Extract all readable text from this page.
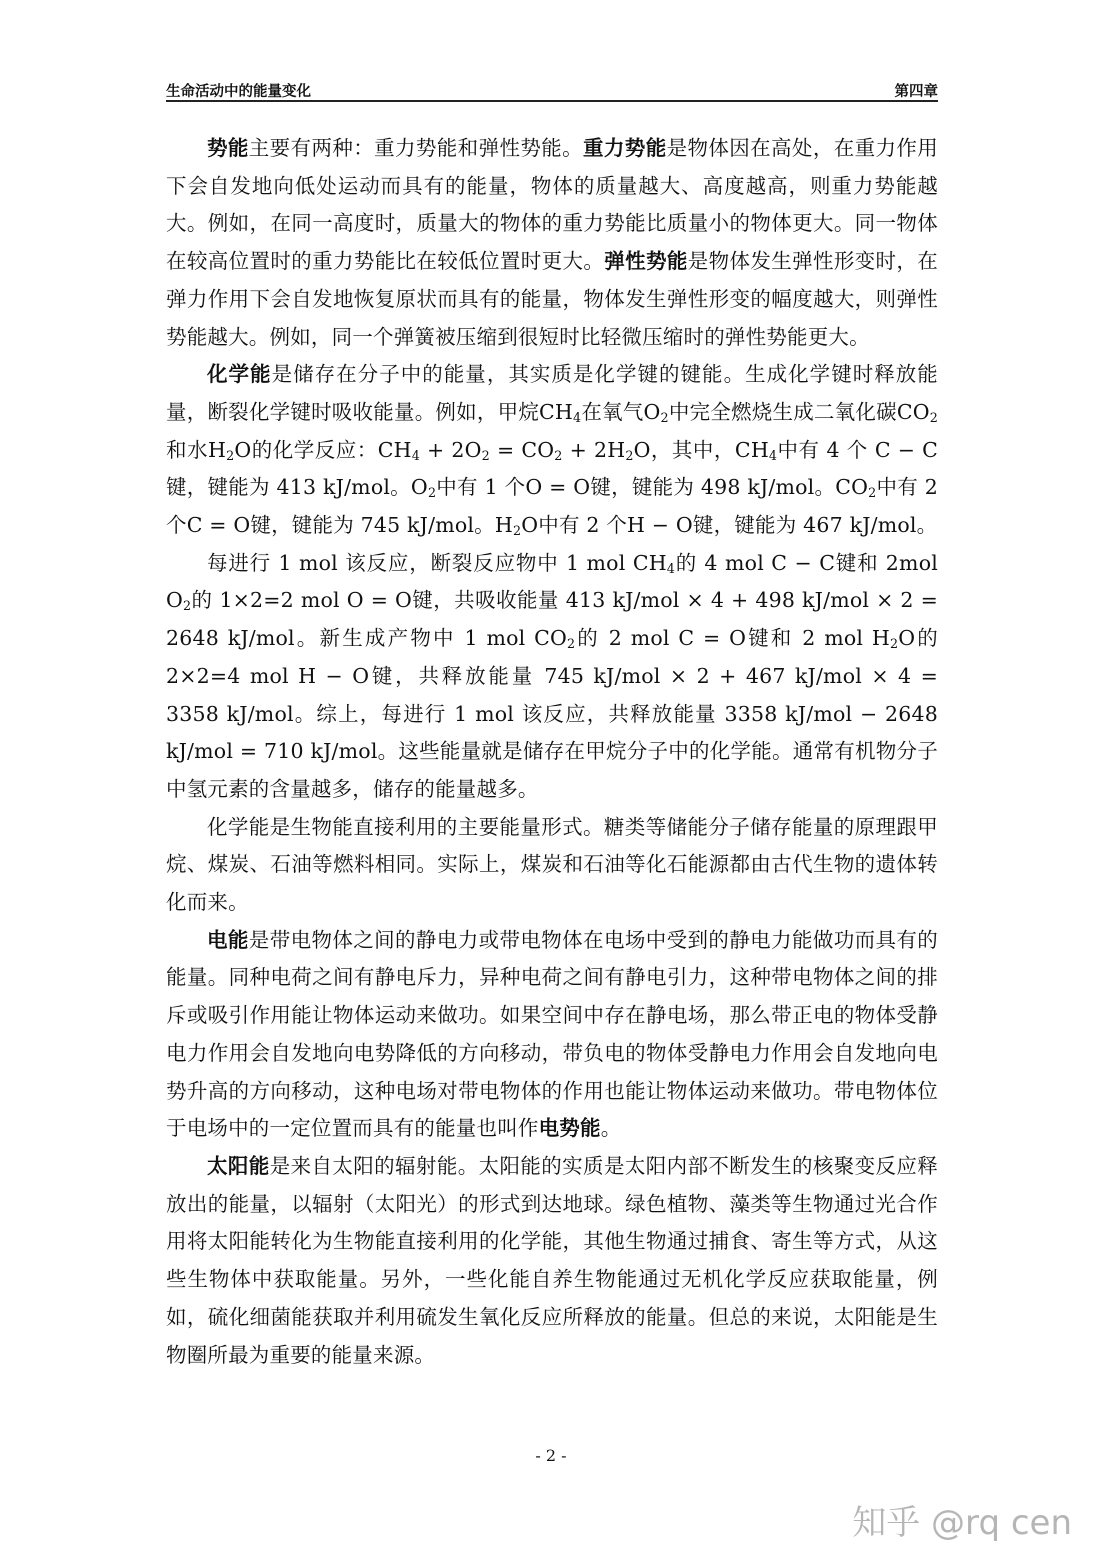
生命活动中的能量变化	第四章

势能主要有两种：重力势能和弹性势能。重力势能是物体因在高处，在重力作用下会自发地向低处运动而具有的能量，物体的质量越大、高度越高，则重力势能越大。例如，在同一高度时，质量大的物体的重力势能比质量小的物体更大。同一物体在较高位置时的重力势能比在较低位置时更大。弹性势能是物体发生弹性形变时，在弹力作用下会自发地恢复原状而具有的能量，物体发生弹性形变的幅度越大，则弹性势能越大。例如，同一个弹簧被压缩到很短时比轻微压缩时的弹性势能更大。

化学能是储存在分子中的能量，其实质是化学键的键能。生成化学键时释放能量，断裂化学键时吸收能量。例如，甲烷$CH_4$在氧气$O_2$中完全燃烧生成二氧化碳$CO_2$和水$H_2O$的化学反应：$CH_4 + 2O_2 = CO_2 + 2H_2O$，其中，$CH_4$中有 4 个 C − C键，键能为 413 kJ/mol。$O_2$中有 1 个O = O键，键能为 498 kJ/mol。$CO_2$中有 2 个C = O键，键能为 745 kJ/mol。$H_2O$中有 2 个H − O键，键能为 467 kJ/mol。

每进行 1 mol 该反应，断裂反应物中 1 mol $CH_4$的 4 mol C − C键和 2mol $O_2$的 1×2=2 mol O = O键，共吸收能量 413 kJ/mol × 4 + 498 kJ/mol × 2 = 2648 kJ/mol。新生成产物中 1 mol $CO_2$的 2 mol C = O键和 2 mol $H_2O$的 2×2=4 mol H − O键，共释放能量 745 kJ/mol × 2 + 467 kJ/mol × 4 = 3358 kJ/mol。综上，每进行 1 mol 该反应，共释放能量 3358 kJ/mol − 2648 kJ/mol = 710 kJ/mol。这些能量就是储存在甲烷分子中的化学能。通常有机物分子中氢元素的含量越多，储存的能量越多。

化学能是生物能直接利用的主要能量形式。糖类等储能分子储存能量的原理跟甲烷、煤炭、石油等燃料相同。实际上，煤炭和石油等化石能源都由古代生物的遗体转化而来。

电能是带电物体之间的静电力或带电物体在电场中受到的静电力能做功而具有的能量。同种电荷之间有静电斥力，异种电荷之间有静电引力，这种带电物体之间的排斥或吸引作用能让物体运动来做功。如果空间中存在静电场，那么带正电的物体受静电力作用会自发地向电势降低的方向移动，带负电的物体受静电力作用会自发地向电势升高的方向移动，这种电场对带电物体的作用也能让物体运动来做功。带电物体位于电场中的一定位置而具有的能量也叫作电势能。

太阳能是来自太阳的辐射能。太阳能的实质是太阳内部不断发生的核聚变反应释放出的能量，以辐射（太阳光）的形式到达地球。绿色植物、藻类等生物通过光合作用将太阳能转化为生物能直接利用的化学能，其他生物通过捕食、寄生等方式，从这些生物体中获取能量。另外，一些化能自养生物能通过无机化学反应获取能量，例如，硫化细菌能获取并利用硫发生氧化反应所释放的能量。但总的来说，太阳能是生物圈所最为重要的能量来源。

- 2 -
知乎 @rq cen
